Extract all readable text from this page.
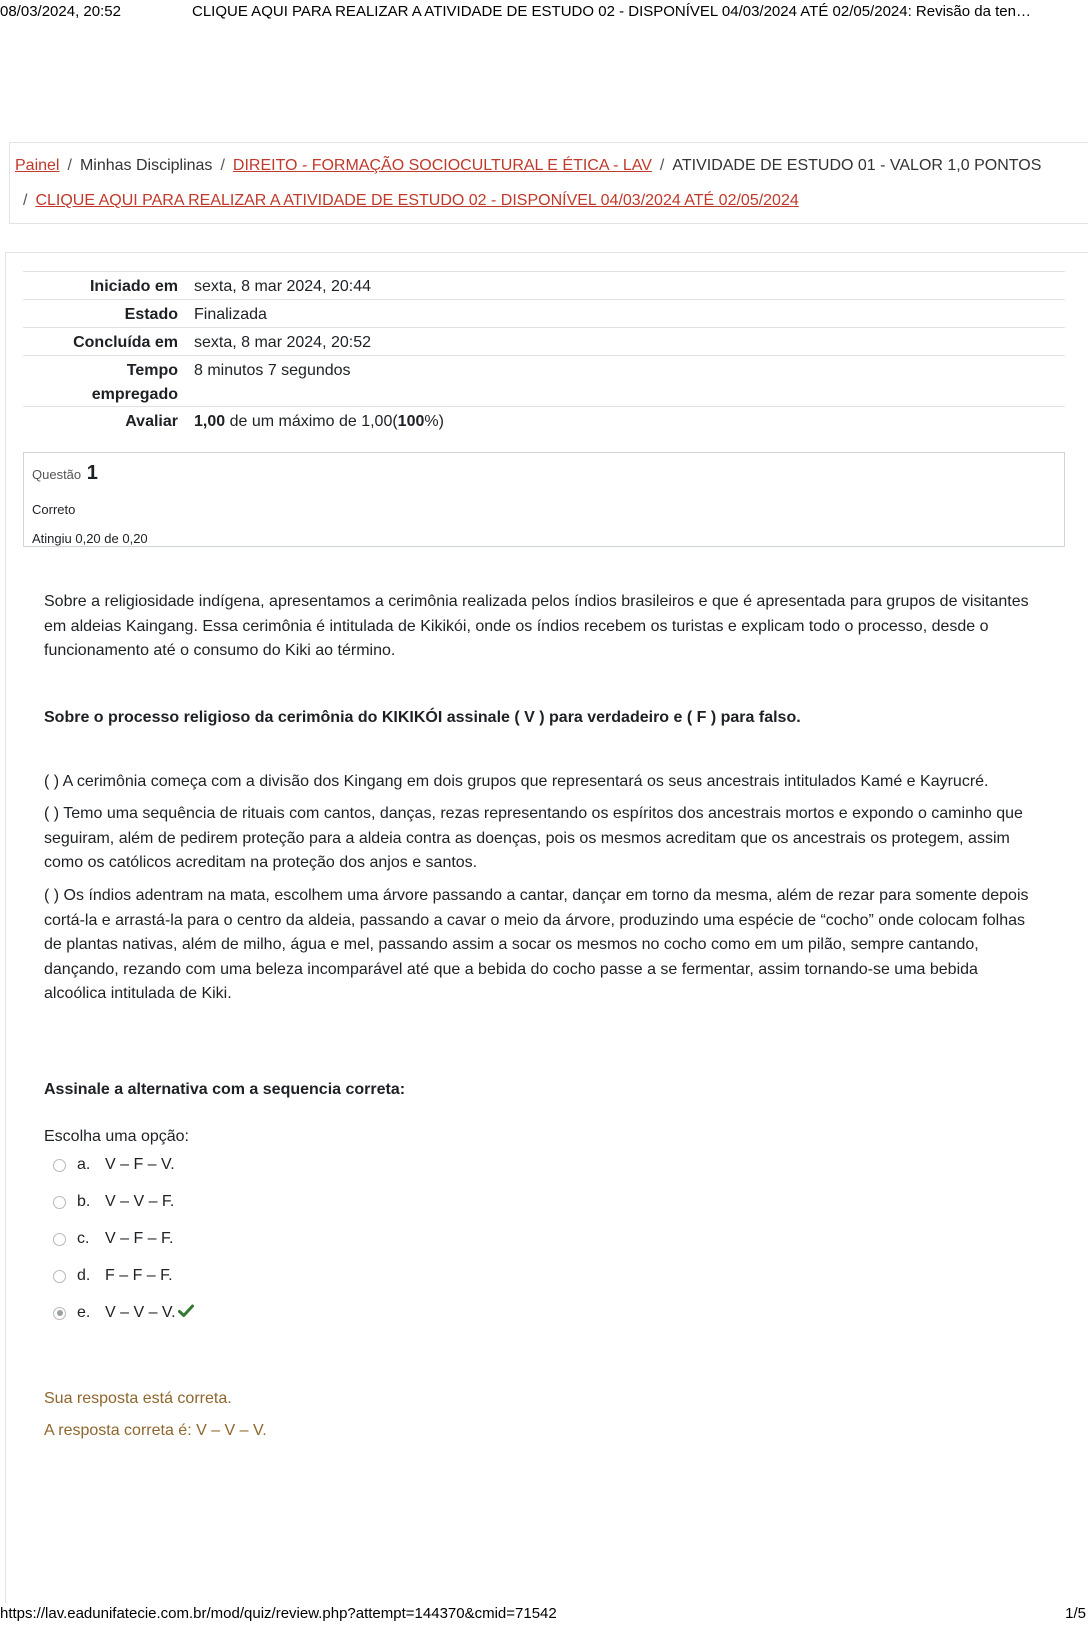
08/03/2024, 20:52	CLIQUE AQUI PARA REALIZAR A ATIVIDADE DE ESTUDO 02 - DISPONÍVEL 04/03/2024 ATÉ 02/05/2024: Revisão da ten…
Painel / Minhas Disciplinas / DIREITO - FORMAÇÃO SOCIOCULTURAL E ÉTICA - LAV / ATIVIDADE DE ESTUDO 01 - VALOR 1,0 PONTOS
/ CLIQUE AQUI PARA REALIZAR A ATIVIDADE DE ESTUDO 02 - DISPONÍVEL 04/03/2024 ATÉ 02/05/2024
Iniciado em sexta, 8 mar 2024, 20:44
Estado Finalizada
Concluída em sexta, 8 mar 2024, 20:52
Tempo
empregado
8 minutos 7 segundos
Avaliar 1,00 de um máximo de 1,00(100%)
Questão 1
Correto
Atingiu 0,20 de 0,20
Sobre a religiosidade indígena, apresentamos a cerimônia realizada pelos índios brasileiros e que é apresentada para grupos de visitantes em aldeias Kaingang. Essa cerimônia é intitulada de Kikikói, onde os índios recebem os turistas e explicam todo o processo, desde o funcionamento até o consumo do Kiki ao término.
Sobre o processo religioso da cerimônia do KIKIKÓI assinale ( V ) para verdadeiro e ( F ) para falso.
( ) A cerimônia começa com a divisão dos Kingang em dois grupos que representará os seus ancestrais intitulados Kamé e Kayrucré.
( ) Temo uma sequência de rituais com cantos, danças, rezas representando os espíritos dos ancestrais mortos e expondo o caminho que seguiram, além de pedirem proteção para a aldeia contra as doenças, pois os mesmos acreditam que os ancestrais os protegem, assim como os católicos acreditam na proteção dos anjos e santos.
( ) Os índios adentram na mata, escolhem uma árvore passando a cantar, dançar em torno da mesma, além de rezar para somente depois cortá-la e arrastá-la para o centro da aldeia, passando a cavar o meio da árvore, produzindo uma espécie de “cocho” onde colocam folhas de plantas nativas, além de milho, água e mel, passando assim a socar os mesmos no cocho como em um pilão, sempre cantando, dançando, rezando com uma beleza incomparável até que a bebida do cocho passe a se fermentar, assim tornando-se uma bebida alcoólica intitulada de Kiki.
Assinale a alternativa com a sequencia correta:
Escolha uma opção:
a. V – F – V.
b. V – V – F.
c. V – F – F.
d. F – F – F.
e. V – V – V.
Sua resposta está correta.
A resposta correta é: V – V – V.
https://lav.eadunifatecie.com.br/mod/quiz/review.php?attempt=144370&cmid=71542	1/5
